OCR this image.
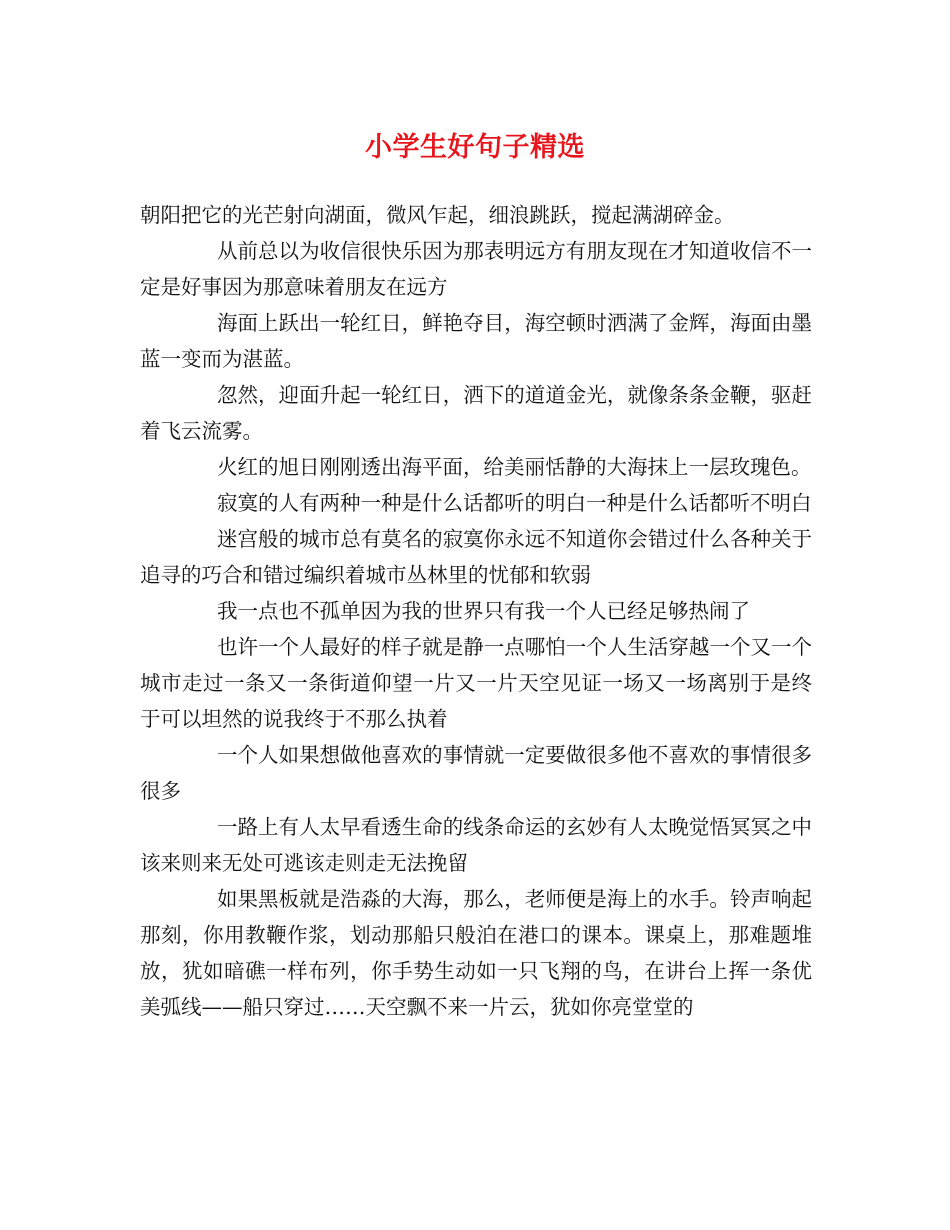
小学生好句子精选

朝阳把它的光芒射向湖面，微风乍起，细浪跳跃，搅起满湖碎金。

从前总以为收信很快乐因为那表明远方有朋友现在才知道收信不一定是好事因为那意味着朋友在远方

海面上跃出一轮红日，鲜艳夺目，海空顿时洒满了金辉，海面由墨蓝一变而为湛蓝。

忽然，迎面升起一轮红日，洒下的道道金光，就像条条金鞭，驱赶着飞云流雾。

火红的旭日刚刚透出海平面，给美丽恬静的大海抹上一层玫瑰色。

寂寞的人有两种一种是什么话都听的明白一种是什么话都听不明白

迷宫般的城市总有莫名的寂寞你永远不知道你会错过什么各种关于追寻的巧合和错过编织着城市丛林里的忧郁和软弱

我一点也不孤单因为我的世界只有我一个人已经足够热闹了

也许一个人最好的样子就是静一点哪怕一个人生活穿越一个又一个城市走过一条又一条街道仰望一片又一片天空见证一场又一场离别于是终于可以坦然的说我终于不那么执着

一个人如果想做他喜欢的事情就一定要做很多他不喜欢的事情很多很多

一路上有人太早看透生命的线条命运的玄妙有人太晚觉悟冥冥之中该来则来无处可逃该走则走无法挽留

如果黑板就是浩淼的大海，那么，老师便是海上的水手。铃声响起那刻，你用教鞭作浆，划动那船只般泊在港口的课本。课桌上，那难题堆放，犹如暗礁一样布列，你手势生动如一只飞翔的鸟，在讲台上挥一条优美弧线——船只穿过……天空飘不来一片云，犹如你亮堂堂的
